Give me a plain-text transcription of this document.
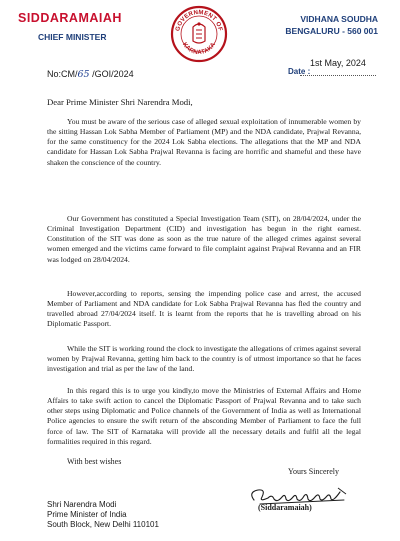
SIDDARAMAIAH
CHIEF MINISTER
GOVERNMENT OF
KARNATAKA
VIDHANA SOUDHA
BENGALURU - 560 001
No:CM/65 /GOI/2024	Date :
1st May, 2024
Dear Prime Minister Shri Narendra Modi,
You must be aware of the serious case of alleged sexual exploitation of innumerable women by the sitting Hassan Lok Sabha Member of Parliament (MP) and the NDA candidate, Prajwal Revanna, for the same constituency for the 2024 Lok Sabha elections. The allegations that the MP and NDA candidate for Hassan Lok Sabha Prajwal Revanna is facing are horrific and shameful and these have shaken the conscience of the country.
Our Government has constituted a Special Investigation Team (SIT), on 28/04/2024, under the Criminal Investigation Department (CID) and investigation has begun in the right earnest. Constitution of the SIT was done as soon as the true nature of the alleged crimes against several women emerged and the victims came forward to file complaint against Prajwal Revanna and an FIR was lodged on 28/04/2024.
However,according to reports, sensing the impending police case and arrest, the accused Member of Parliament and NDA candidate for Lok Sabha Prajwal Revanna has fled the country and travelled abroad 27/04/2024 itself. It is learnt from the reports that he is travelling abroad on his Diplomatic Passport.
While the SIT is working round the clock to investigate the allegations of crimes against several women by Prajwal Revanna, getting him back to the country is of utmost importance so that he faces investigation and trial as per the law of the land.
In this regard this is to urge you kindly,to move the Ministries of External Affairs and Home Affairs to take swift action to cancel the Diplomatic Passport of Prajwal Revanna and to take such other steps using Diplomatic and Police channels of the Government of India as well as International Police agencies to ensure the swift return of the absconding Member of Parliament to face the full force of law. The SIT of Karnataka will provide all the necessary details and fulfil all the legal formalities required in this regard.
With best wishes
Yours Sincerely
(Siddaramaiah)
Shri Narendra Modi
Prime Minister of India
South Block, New Delhi 110101
